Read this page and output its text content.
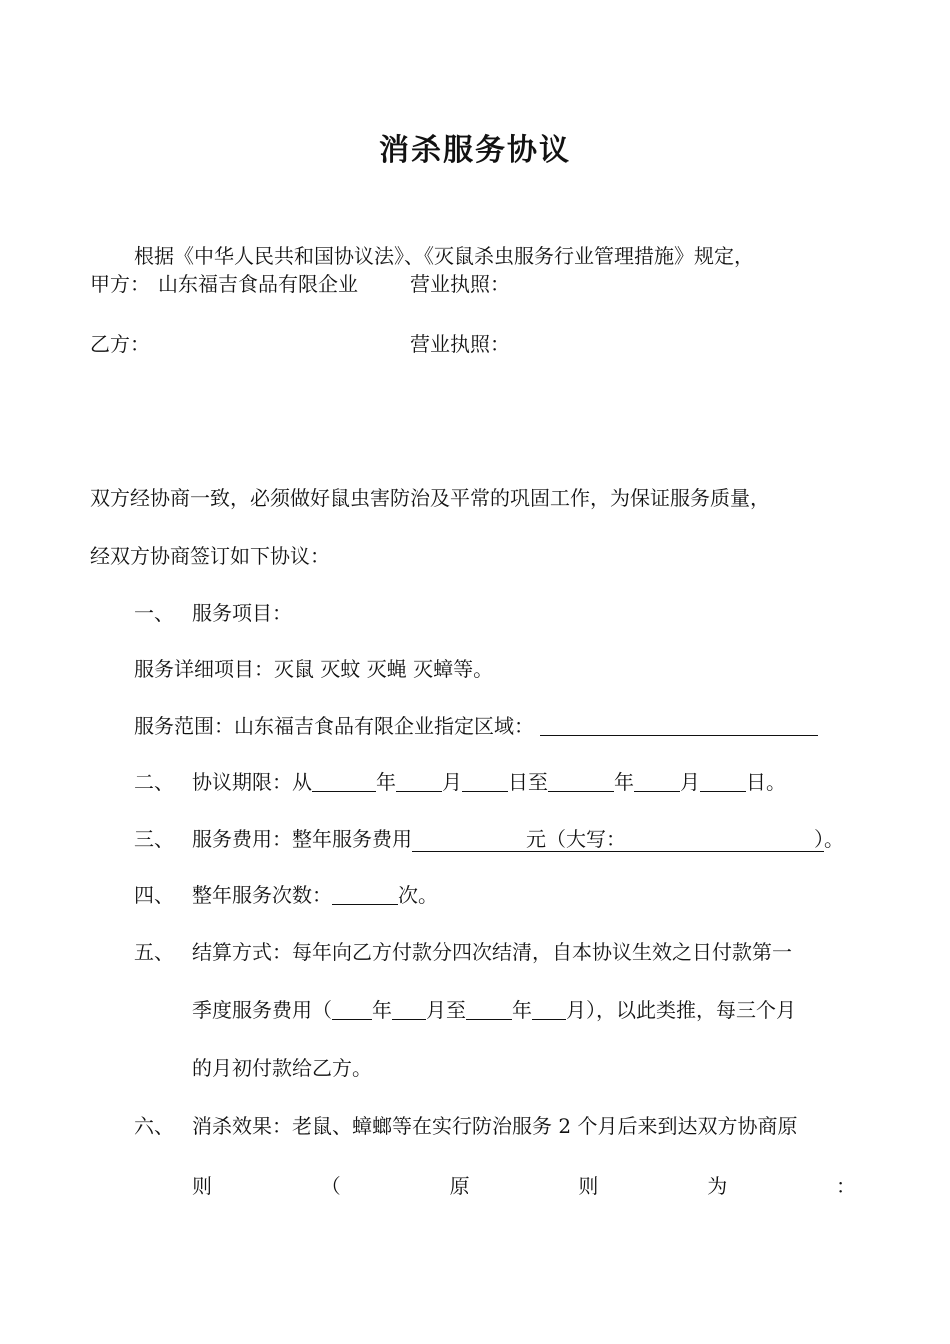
消杀服务协议
根据《中华人民共和国协议法》、《灭鼠杀虫服务行业管理措施》规定，
甲方： 山东福吉食品有限企业	营业执照：
乙方：	营业执照：
双方经协商一致，必须做好鼠虫害防治及平常的巩固工作，为保证服务质量，
经双方协商签订如下协议：
一、 服务项目：
服务详细项目：灭鼠 灭蚊 灭蝇 灭蟑等。
服务范围：山东福吉食品有限企业指定区域：
二、 协议期限：从	年 月 日至	年 月 日。
三、 服务费用：整年服务费用	元（大写：	）。
四、 整年服务次数：	次。
五、 结算方式：每年向乙方付款分四次结清，自本协议生效之日付款第一
季度服务费用（ 年 月至 年 月），以此类推，每三个月
的月初付款给乙方。
六、 消杀效果：老鼠、蟑螂等在实行防治服务 2 个月后来到达双方协商原
则	（	原	则	为	：
